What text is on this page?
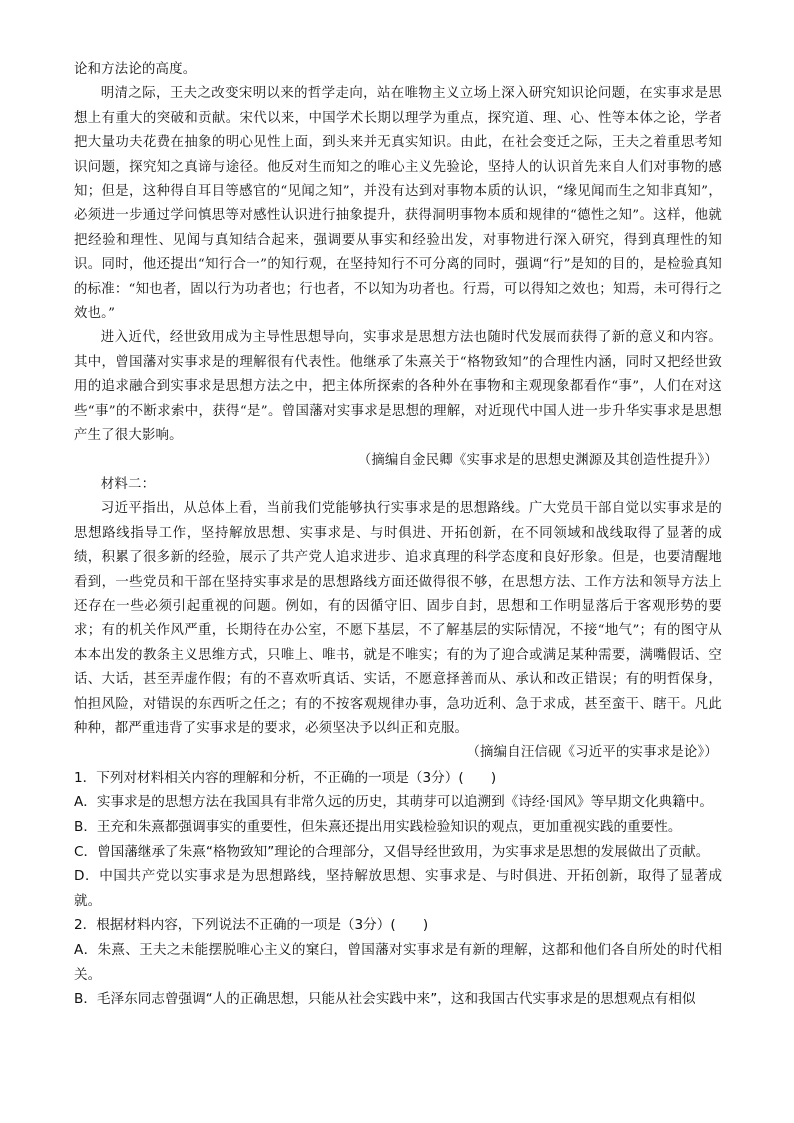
论和方法论的高度。

明清之际，王夫之改变宋明以来的哲学走向，站在唯物主义立场上深入研究知识论问题，在实事求是思想上有重大的突破和贡献。宋代以来，中国学术长期以理学为重点，探究道、理、心、性等本体之论，学者把大量功夫花费在抽象的明心见性上面，到头来并无真实知识。由此，在社会变迁之际，王夫之着重思考知识问题，探究知之真谛与途径。他反对生而知之的唯心主义先验论，坚持人的认识首先来自人们对事物的感知；但是，这种得自耳目等感官的“见闻之知”，并没有达到对事物本质的认识，“缘见闻而生之知非真知”，必须进一步通过学问慎思等对感性认识进行抽象提升，获得洞明事物本质和规律的“德性之知”。这样，他就把经验和理性、见闻与真知结合起来，强调要从事实和经验出发，对事物进行深入研究，得到真理性的知识。同时，他还提出“知行合一”的知行观，在坚持知行不可分离的同时，强调“行”是知的目的，是检验真知的标准：“知也者，固以行为功者也；行也者，不以知为功者也。行焉，可以得知之效也；知焉，未可得行之效也。”

进入近代，经世致用成为主导性思想导向，实事求是思想方法也随时代发展而获得了新的意义和内容。其中，曾国藩对实事求是的理解很有代表性。他继承了朱熹关于“格物致知”的合理性内涵，同时又把经世致用的追求融合到实事求是思想方法之中，把主体所探索的各种外在事物和主观现象都看作“事”，人们在对这些“事”的不断求索中，获得“是”。曾国藩对实事求是思想的理解，对近现代中国人进一步升华实事求是思想产生了很大影响。

（摘编自金民卿《实事求是的思想史渊源及其创造性提升》）

材料二：

习近平指出，从总体上看，当前我们党能够执行实事求是的思想路线。广大党员干部自觉以实事求是的思想路线指导工作，坚持解放思想、实事求是、与时俱进、开拓创新，在不同领域和战线取得了显著的成绩，积累了很多新的经验，展示了共产党人追求进步、追求真理的科学态度和良好形象。但是，也要清醒地看到，一些党员和干部在坚持实事求是的思想路线方面还做得很不够，在思想方法、工作方法和领导方法上还存在一些必须引起重视的问题。例如，有的因循守旧、固步自封，思想和工作明显落后于客观形势的要求；有的机关作风严重，长期待在办公室，不愿下基层，不了解基层的实际情况，不接“地气”；有的图守从本本出发的教条主义思维方式，只唯上、唯书，就是不唯实；有的为了迎合或满足某种需要，满嘴假话、空话、大话，甚至弄虚作假；有的不喜欢听真话、实话，不愿意择善而从、承认和改正错误；有的明哲保身，怕担风险，对错误的东西听之任之；有的不按客观规律办事，急功近利、急于求成，甚至蛮干、瞎干。凡此种种，都严重违背了实事求是的要求，必须坚决予以纠正和克服。

（摘编自汪信砚《习近平的实事求是论》）

1．下列对材料相关内容的理解和分析，不正确的一项是（3分）(　　)

A．实事求是的思想方法在我国具有非常久远的历史，其萌芽可以追溯到《诗经·国风》等早期文化典籍中。

B．王充和朱熹都强调事实的重要性，但朱熹还提出用实践检验知识的观点，更加重视实践的重要性。

C．曾国藩继承了朱熹“格物致知”理论的合理部分，又倡导经世致用，为实事求是思想的发展做出了贡献。

D．中国共产党以实事求是为思想路线，坚持解放思想、实事求是、与时俱进、开拓创新，取得了显著成就。

2．根据材料内容，下列说法不正确的一项是（3分）(　　)

A．朱熹、王夫之未能摆脱唯心主义的窠臼，曾国藩对实事求是有新的理解，这都和他们各自所处的时代相关。

B．毛泽东同志曾强调“人的正确思想，只能从社会实践中来”，这和我国古代实事求是的思想观点有相似
